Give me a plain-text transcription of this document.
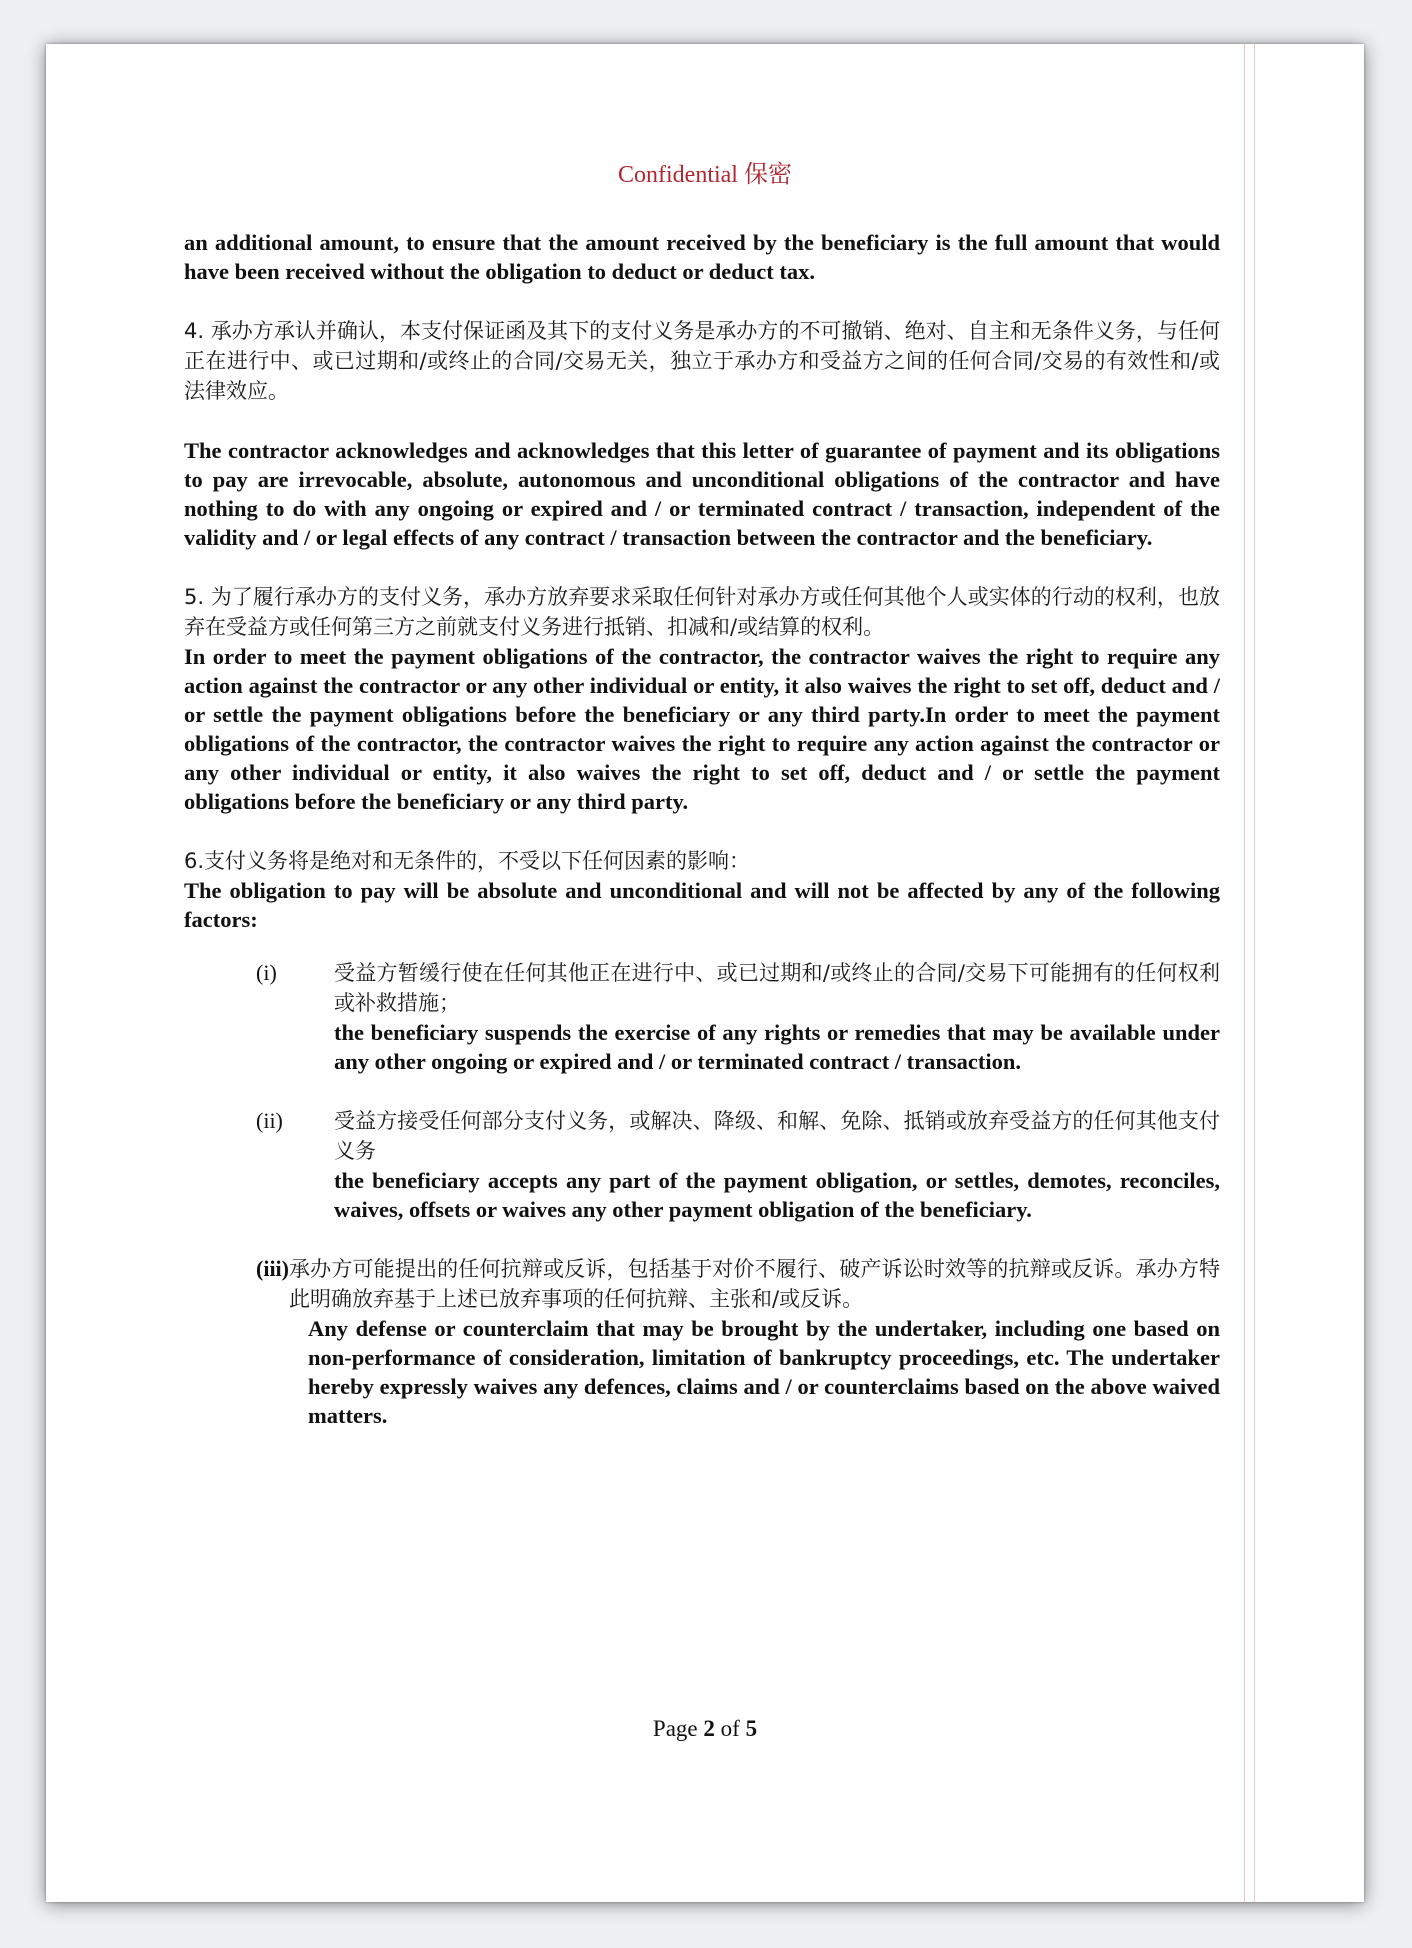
Confidential 保密

an additional amount, to ensure that the amount received by the beneficiary is the full amount that would have been received without the obligation to deduct or deduct tax.

4. 承办方承认并确认，本支付保证函及其下的支付义务是承办方的不可撤销、绝对、自主和无条件义务，与任何正在进行中、或已过期和/或终止的合同/交易无关，独立于承办方和受益方之间的任何合同/交易的有效性和/或法律效应。

The contractor acknowledges and acknowledges that this letter of guarantee of payment and its obligations to pay are irrevocable, absolute, autonomous and unconditional obligations of the contractor and have nothing to do with any ongoing or expired and / or terminated contract / transaction, independent of the validity and / or legal effects of any contract / transaction between the contractor and the beneficiary.

5. 为了履行承办方的支付义务，承办方放弃要求采取任何针对承办方或任何其他个人或实体的行动的权利，也放弃在受益方或任何第三方之前就支付义务进行抵销、扣减和/或结算的权利。

In order to meet the payment obligations of the contractor, the contractor waives the right to require any action against the contractor or any other individual or entity, it also waives the right to set off, deduct and / or settle the payment obligations before the beneficiary or any third party.In order to meet the payment obligations of the contractor, the contractor waives the right to require any action against the contractor or any other individual or entity, it also waives the right to set off, deduct and / or settle the payment obligations before the beneficiary or any third party.

6.支付义务将是绝对和无条件的，不受以下任何因素的影响：

The obligation to pay will be absolute and unconditional and will not be affected by any of the following factors:

(i)	受益方暂缓行使在任何其他正在进行中、或已过期和/或终止的合同/交易下可能拥有的任何权利或补救措施；

the beneficiary suspends the exercise of any rights or remedies that may be available under any other ongoing or expired and / or terminated contract / transaction.

(ii)	受益方接受任何部分支付义务，或解决、降级、和解、免除、抵销或放弃受益方的任何其他支付义务

the beneficiary accepts any part of the payment obligation, or settles, demotes, reconciles, waives, offsets or waives any other payment obligation of the beneficiary.

(iii) 承办方可能提出的任何抗辩或反诉，包括基于对价不履行、破产诉讼时效等的抗辩或反诉。承办方特此明确放弃基于上述已放弃事项的任何抗辩、主张和/或反诉。

Any defense or counterclaim that may be brought by the undertaker, including one based on non-performance of consideration, limitation of bankruptcy proceedings, etc. The undertaker hereby expressly waives any defences, claims and / or counterclaims based on the above waived matters.

Page 2 of 5
